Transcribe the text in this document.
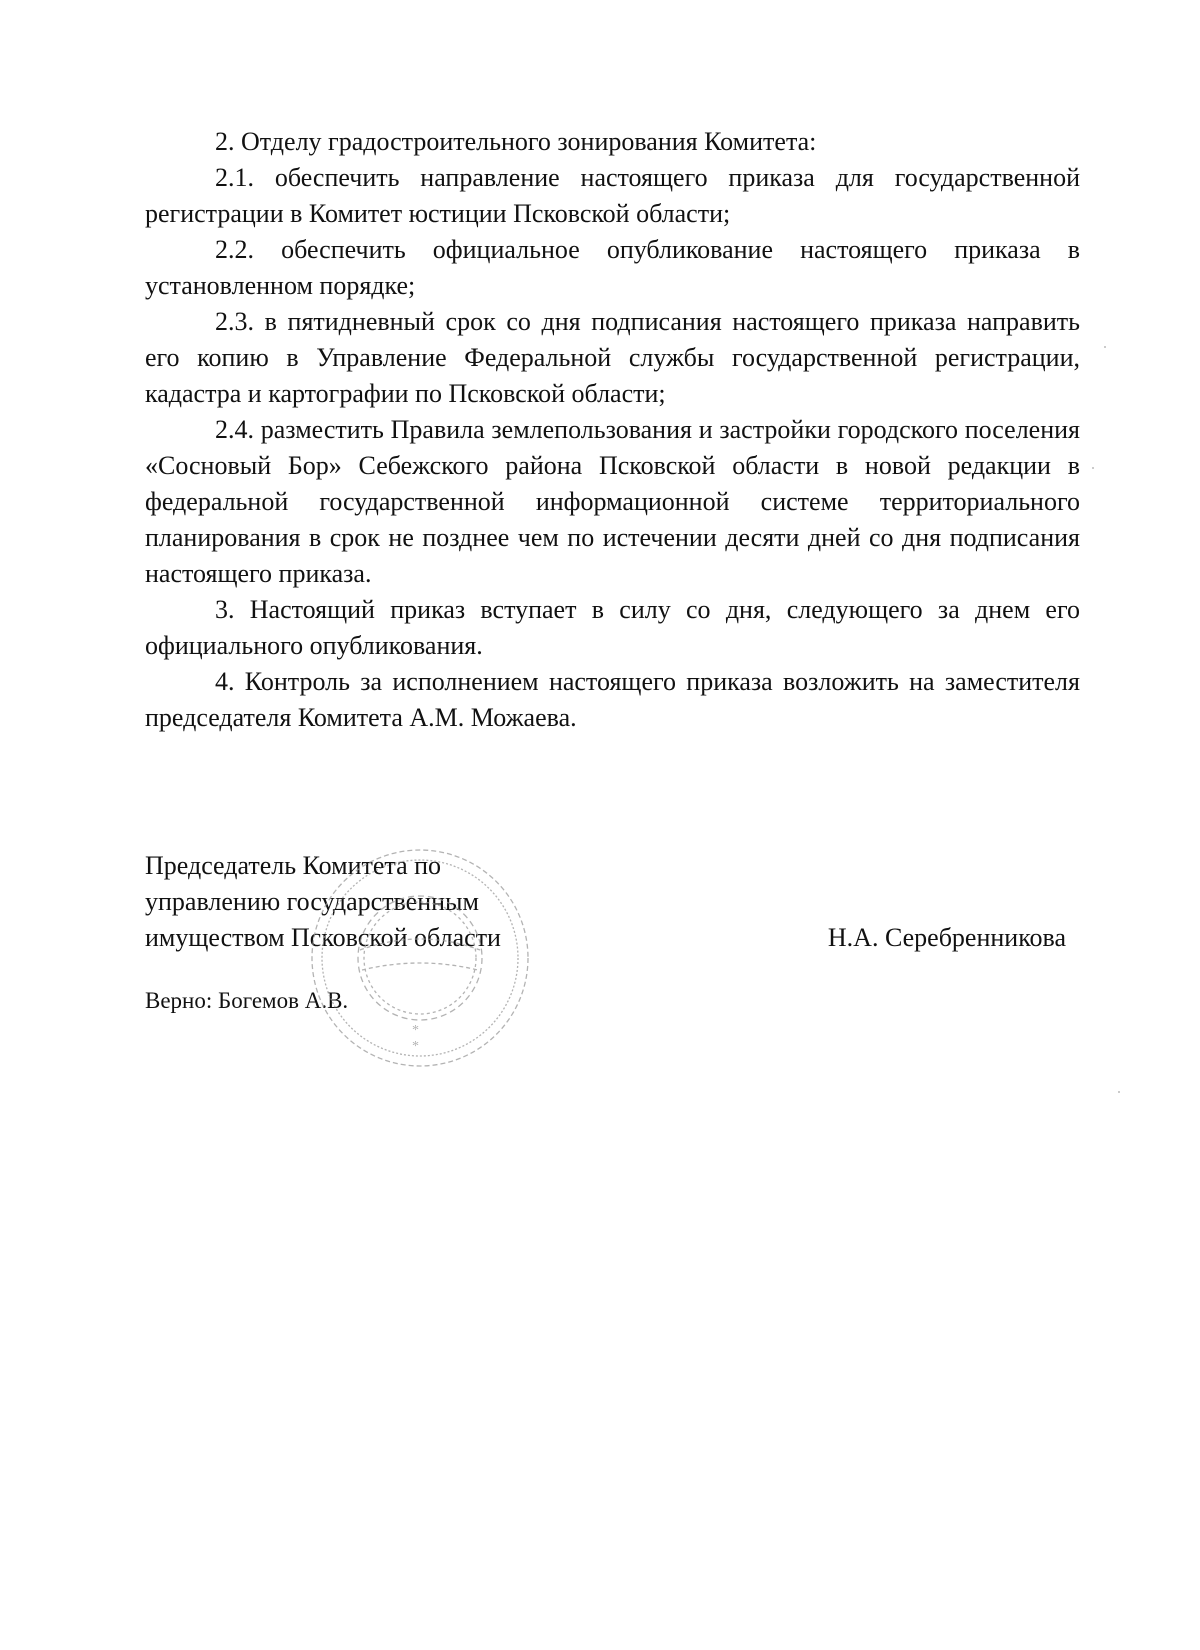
2. Отделу градостроительного зонирования Комитета:

2.1. обеспечить направление настоящего приказа для государственной регистрации в Комитет юстиции Псковской области;

2.2. обеспечить официальное опубликование настоящего приказа в установленном порядке;

2.3. в пятидневный срок со дня подписания настоящего приказа направить его копию в Управление Федеральной службы государственной регистрации, кадастра и картографии по Псковской области;

2.4. разместить Правила землепользования и застройки городского поселения «Сосновый Бор» Себежского района Псковской области в новой редакции в федеральной государственной информационной системе территориального планирования в срок не позднее чем по истечении десяти дней со дня подписания настоящего приказа.

3. Настоящий приказ вступает в силу со дня, следующего за днем его официального опубликования.

4. Контроль за исполнением настоящего приказа возложить на заместителя председателя Комитета А.М. Можаева.

Председатель Комитета по
управлению государственным
имуществом Псковской области	Н.А. Серебренникова
Верно: Богемов А.В.
*
*
